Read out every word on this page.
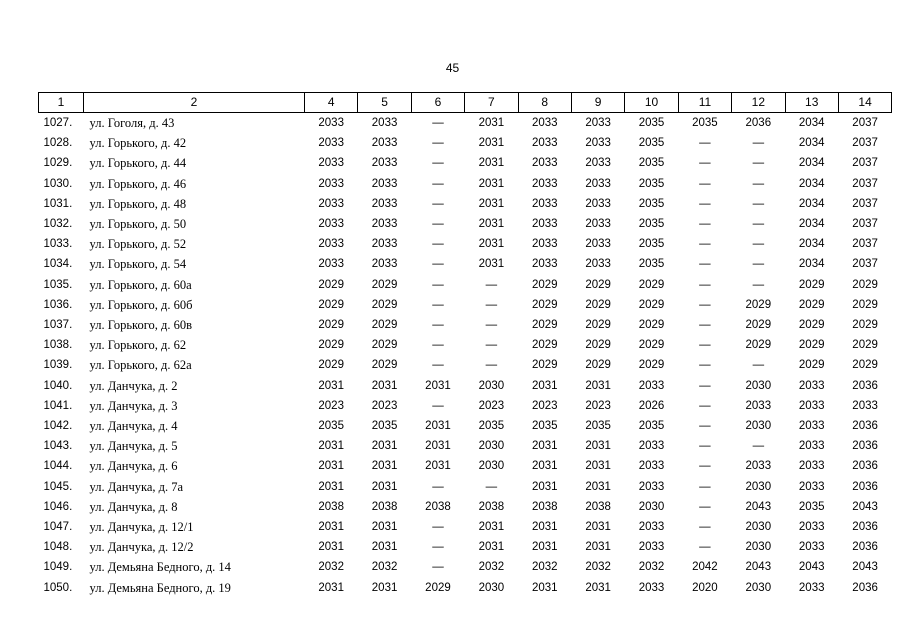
45
1	2	4	5	6	7	8	9	10	11	12	13	14
1027.	ул. Гоголя, д. 43	2033	2033	—	2031	2033	2033	2035	2035	2036	2034	2037
1028.	ул. Горького, д. 42	2033	2033	—	2031	2033	2033	2035	—	—	2034	2037
1029.	ул. Горького, д. 44	2033	2033	—	2031	2033	2033	2035	—	—	2034	2037
1030.	ул. Горького, д. 46	2033	2033	—	2031	2033	2033	2035	—	—	2034	2037
1031.	ул. Горького, д. 48	2033	2033	—	2031	2033	2033	2035	—	—	2034	2037
1032.	ул. Горького, д. 50	2033	2033	—	2031	2033	2033	2035	—	—	2034	2037
1033.	ул. Горького, д. 52	2033	2033	—	2031	2033	2033	2035	—	—	2034	2037
1034.	ул. Горького, д. 54	2033	2033	—	2031	2033	2033	2035	—	—	2034	2037
1035.	ул. Горького, д. 60а	2029	2029	—	—	2029	2029	2029	—	—	2029	2029
1036.	ул. Горького, д. 60б	2029	2029	—	—	2029	2029	2029	—	2029	2029	2029
1037.	ул. Горького, д. 60в	2029	2029	—	—	2029	2029	2029	—	2029	2029	2029
1038.	ул. Горького, д. 62	2029	2029	—	—	2029	2029	2029	—	2029	2029	2029
1039.	ул. Горького, д. 62а	2029	2029	—	—	2029	2029	2029	—	—	2029	2029
1040.	ул. Данчука, д. 2	2031	2031	2031	2030	2031	2031	2033	—	2030	2033	2036
1041.	ул. Данчука, д. 3	2023	2023	—	2023	2023	2023	2026	—	2033	2033	2033
1042.	ул. Данчука, д. 4	2035	2035	2031	2035	2035	2035	2035	—	2030	2033	2036
1043.	ул. Данчука, д. 5	2031	2031	2031	2030	2031	2031	2033	—	—	2033	2036
1044.	ул. Данчука, д. 6	2031	2031	2031	2030	2031	2031	2033	—	2033	2033	2036
1045.	ул. Данчука, д. 7а	2031	2031	—	—	2031	2031	2033	—	2030	2033	2036
1046.	ул. Данчука, д. 8	2038	2038	2038	2038	2038	2038	2030	—	2043	2035	2043
1047.	ул. Данчука, д. 12/1	2031	2031	—	2031	2031	2031	2033	—	2030	2033	2036
1048.	ул. Данчука, д. 12/2	2031	2031	—	2031	2031	2031	2033	—	2030	2033	2036
1049.	ул. Демьяна Бедного, д. 14	2032	2032	—	2032	2032	2032	2032	2042	2043	2043	2043
1050.	ул. Демьяна Бедного, д. 19	2031	2031	2029	2030	2031	2031	2033	2020	2030	2033	2036
